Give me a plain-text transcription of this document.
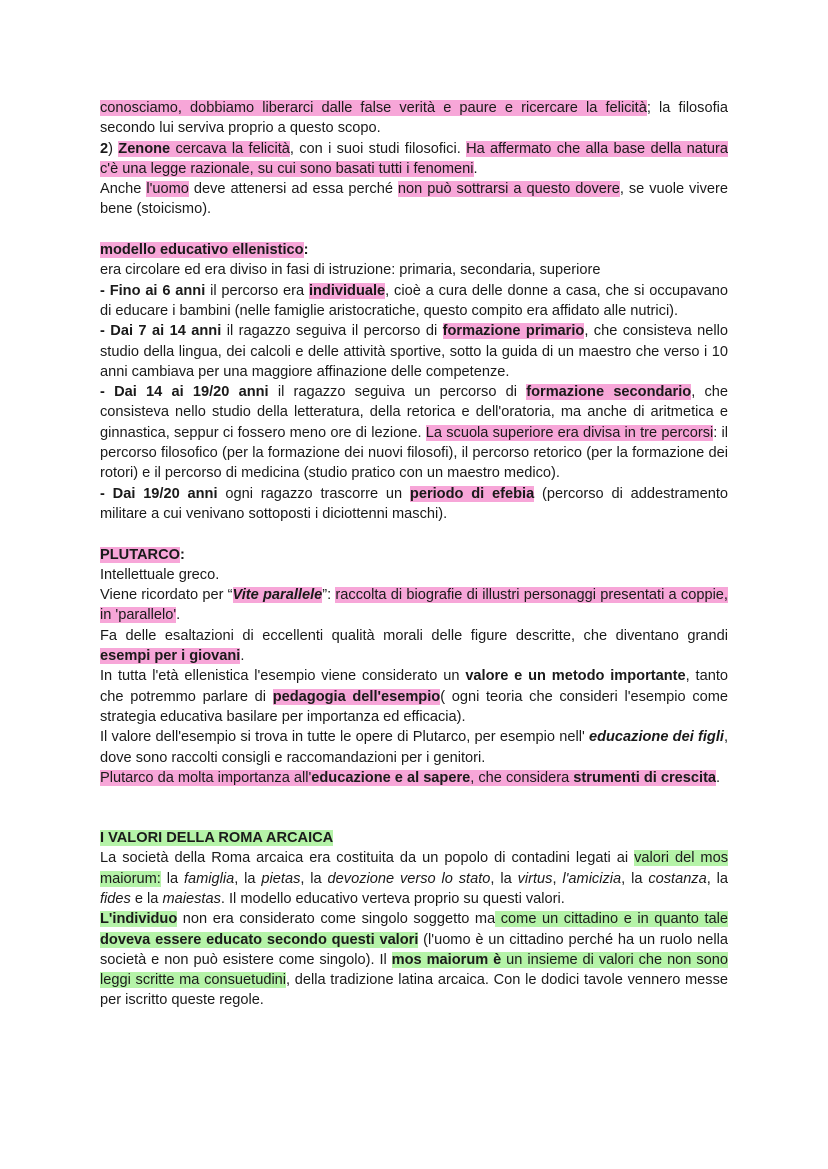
conosciamo, dobbiamo liberarci dalle false verità e paure e ricercare la felicità; la filosofia secondo lui serviva proprio a questo scopo.

2) Zenone cercava la felicità, con i suoi studi filosofici. Ha affermato che alla base della natura c'è una legge razionale, su cui sono basati tutti i fenomeni.

Anche l'uomo deve attenersi ad essa perché non può sottrarsi a questo dovere, se vuole vivere bene (stoicismo).

modello educativo ellenistico:

era circolare ed era diviso in fasi di istruzione: primaria, secondaria, superiore

- Fino ai 6 anni il percorso era individuale, cioè a cura delle donne a casa, che si occupavano di educare i bambini (nelle famiglie aristocratiche, questo compito era affidato alle nutrici).

- Dai 7 ai 14 anni il ragazzo seguiva il percorso di formazione primario, che consisteva nello studio della lingua, dei calcoli e delle attività sportive, sotto la guida di un maestro che verso i 10 anni cambiava per una maggiore affinazione delle competenze.

- Dai 14 ai 19/20 anni il ragazzo seguiva un percorso di formazione secondario, che consisteva nello studio della letteratura, della retorica e dell'oratoria, ma anche di aritmetica e ginnastica, seppur ci fossero meno ore di lezione. La scuola superiore era divisa in tre percorsi: il percorso filosofico (per la formazione dei nuovi filosofi), il percorso retorico (per la formazione dei rotori) e il percorso di medicina (studio pratico con un maestro medico).

- Dai 19/20 anni ogni ragazzo trascorre un periodo di efebia (percorso di addestramento militare a cui venivano sottoposti i diciottenni maschi).

PLUTARCO:

Intellettuale greco.

Viene ricordato per “Vite parallele”: raccolta di biografie di illustri personaggi presentati a coppie, in 'parallelo'.

Fa delle esaltazioni di eccellenti qualità morali delle figure descritte, che diventano grandi esempi per i giovani.

In tutta l'età ellenistica l'esempio viene considerato un valore e un metodo importante, tanto che potremmo parlare di pedagogia dell'esempio( ogni teoria che consideri l'esempio come strategia educativa basilare per importanza ed efficacia).

Il valore dell'esempio si trova in tutte le opere di Plutarco, per esempio nell' educazione dei figli, dove sono raccolti consigli e raccomandazioni per i genitori.

Plutarco da molta importanza all'educazione e al sapere, che considera strumenti di crescita.

I VALORI DELLA ROMA ARCAICA

La società della Roma arcaica era costituita da un popolo di contadini legati ai valori del mos maiorum: la famiglia, la pietas, la devozione verso lo stato, la virtus, l'amicizia, la costanza, la fides e la maiestas. Il modello educativo verteva proprio su questi valori.

L'individuo non era considerato come singolo soggetto ma come un cittadino e in quanto tale doveva essere educato secondo questi valori (l'uomo è un cittadino perché ha un ruolo nella società e non può esistere come singolo). Il mos maiorum è un insieme di valori che non sono leggi scritte ma consuetudini, della tradizione latina arcaica. Con le dodici tavole vennero messe per iscritto queste regole.
